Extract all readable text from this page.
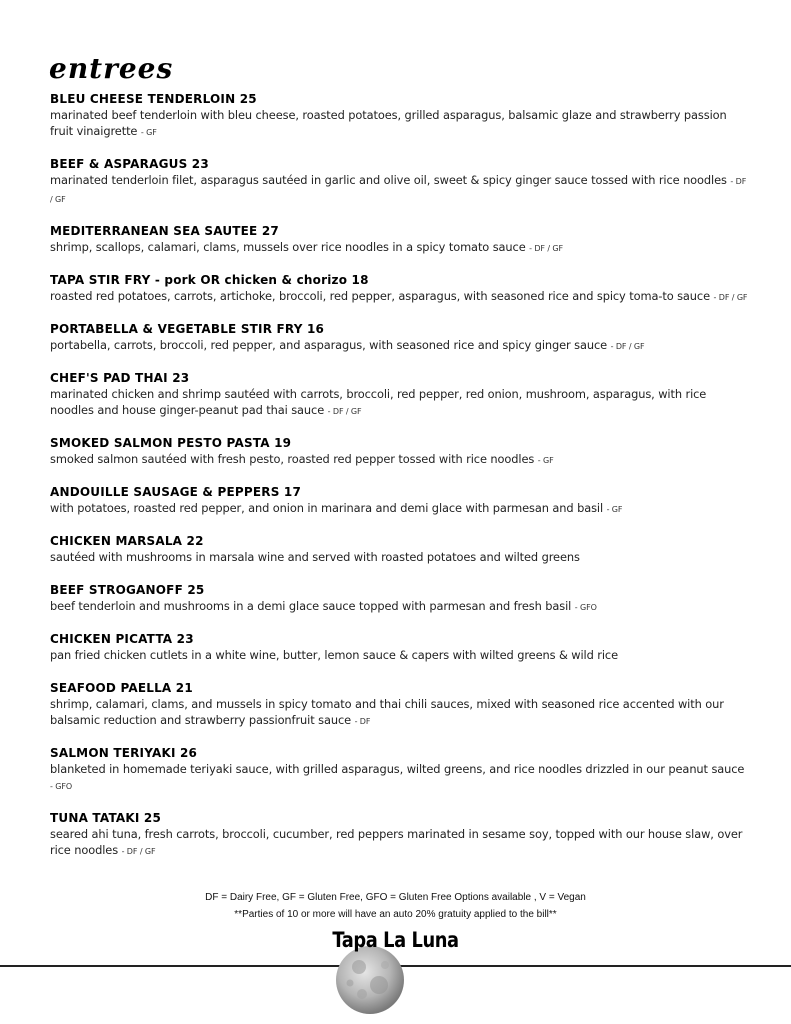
entrees
BLEU CHEESE TENDERLOIN 25
marinated beef tenderloin with bleu cheese, roasted potatoes, grilled asparagus, balsamic glaze and strawberry passion fruit vinaigrette - GF
BEEF & ASPARAGUS 23
marinated tenderloin filet, asparagus sautéed in garlic and olive oil, sweet & spicy ginger sauce tossed with rice noodles - DF / GF
MEDITERRANEAN SEA SAUTEE 27
shrimp, scallops, calamari, clams, mussels over rice noodles in a spicy tomato sauce - DF / GF
TAPA STIR FRY - pork OR chicken & chorizo 18
roasted red potatoes, carrots, artichoke, broccoli, red pepper, asparagus, with seasoned rice and spicy toma-to sauce - DF / GF
PORTABELLA & VEGETABLE STIR FRY 16
portabella, carrots, broccoli, red pepper, and asparagus, with seasoned rice and spicy ginger sauce - DF / GF
CHEF'S PAD THAI 23
marinated chicken and shrimp sautéed with carrots, broccoli, red pepper, red onion, mushroom, asparagus, with rice noodles and house ginger-peanut pad thai sauce - DF / GF
SMOKED SALMON PESTO PASTA 19
smoked salmon sautéed with fresh pesto, roasted red pepper tossed with rice noodles - GF
ANDOUILLE SAUSAGE & PEPPERS 17
with potatoes, roasted red pepper, and onion in marinara and demi glace with parmesan and basil - GF
CHICKEN MARSALA 22
sautéed with mushrooms in marsala wine and served with roasted potatoes and wilted greens
BEEF STROGANOFF 25
beef tenderloin and mushrooms in a demi glace sauce topped with parmesan and fresh basil - GFO
CHICKEN PICATTA 23
pan fried chicken cutlets in a white wine, butter, lemon sauce & capers with wilted greens & wild rice
SEAFOOD PAELLA 21
shrimp, calamari, clams, and mussels in spicy tomato and thai chili sauces, mixed with seasoned rice accented with our balsamic reduction and strawberry passionfruit sauce - DF
SALMON TERIYAKI 26
blanketed in homemade teriyaki sauce, with grilled asparagus, wilted greens, and rice noodles drizzled in our peanut sauce - GFO
TUNA TATAKI 25
seared ahi tuna, fresh carrots, broccoli, cucumber, red peppers marinated in sesame soy, topped with our house slaw, over rice noodles - DF / GF
DF = Dairy Free, GF = Gluten Free, GFO = Gluten Free Options available , V = Vegan
**Parties of 10 or more will have an auto 20% gratuity applied to the bill**
Tapa La Luna
